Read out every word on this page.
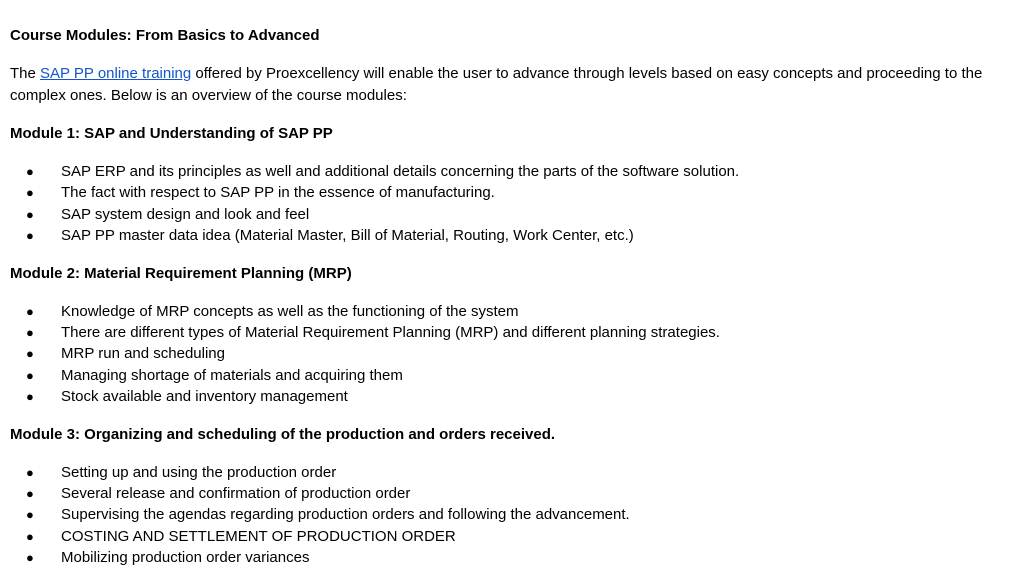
Course Modules: From Basics to Advanced

The SAP PP online training offered by Proexcellency will enable the user to advance through levels based on easy concepts and proceeding to the complex ones. Below is an overview of the course modules:

Module 1: SAP and Understanding of SAP PP
● SAP ERP and its principles as well and additional details concerning the parts of the software solution.
● The fact with respect to SAP PP in the essence of manufacturing.
● SAP system design and look and feel
● SAP PP master data idea (Material Master, Bill of Material, Routing, Work Center, etc.)
Module 2: Material Requirement Planning (MRP)
● Knowledge of MRP concepts as well as the functioning of the system
● There are different types of Material Requirement Planning (MRP) and different planning strategies.
● MRP run and scheduling
● Managing shortage of materials and acquiring them
● Stock available and inventory management
Module 3: Organizing and scheduling of the production and orders received.
● Setting up and using the production order
● Several release and confirmation of production order
● Supervising the agendas regarding production orders and following the advancement.
● COSTING AND SETTLEMENT OF PRODUCTION ORDER
● Mobilizing production order variances
